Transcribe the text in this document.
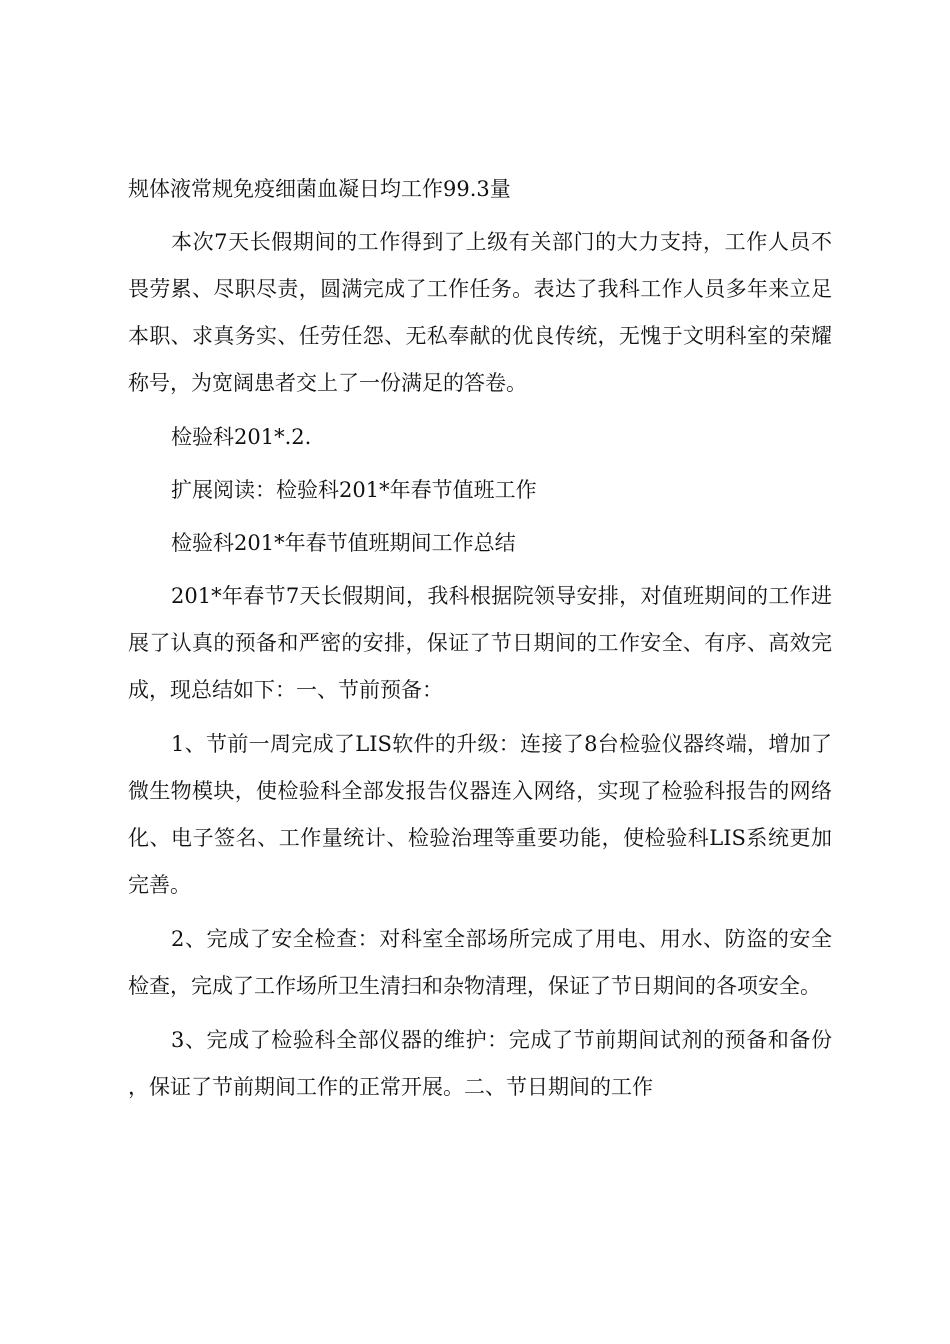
规体液常规免疫细菌血凝日均工作99.3量

本次7天长假期间的工作得到了上级有关部门的大力支持，工作人员不畏劳累、尽职尽责，圆满完成了工作任务。表达了我科工作人员多年来立足本职、求真务实、任劳任怨、无私奉献的优良传统，无愧于文明科室的荣耀称号，为宽阔患者交上了一份满足的答卷。

检验科201*.2.

扩展阅读：检验科201*年春节值班工作

检验科201*年春节值班期间工作总结

201*年春节7天长假期间，我科根据院领导安排，对值班期间的工作进展了认真的预备和严密的安排，保证了节日期间的工作安全、有序、高效完成，现总结如下：一、节前预备：

1、节前一周完成了LIS软件的升级：连接了8台检验仪器终端，增加了微生物模块，使检验科全部发报告仪器连入网络，实现了检验科报告的网络化、电子签名、工作量统计、检验治理等重要功能，使检验科LIS系统更加完善。

2、完成了安全检查：对科室全部场所完成了用电、用水、防盗的安全检查，完成了工作场所卫生清扫和杂物清理，保证了节日期间的各项安全。

3、完成了检验科全部仪器的维护：完成了节前期间试剂的预备和备份，保证了节前期间工作的正常开展。二、节日期间的工作
